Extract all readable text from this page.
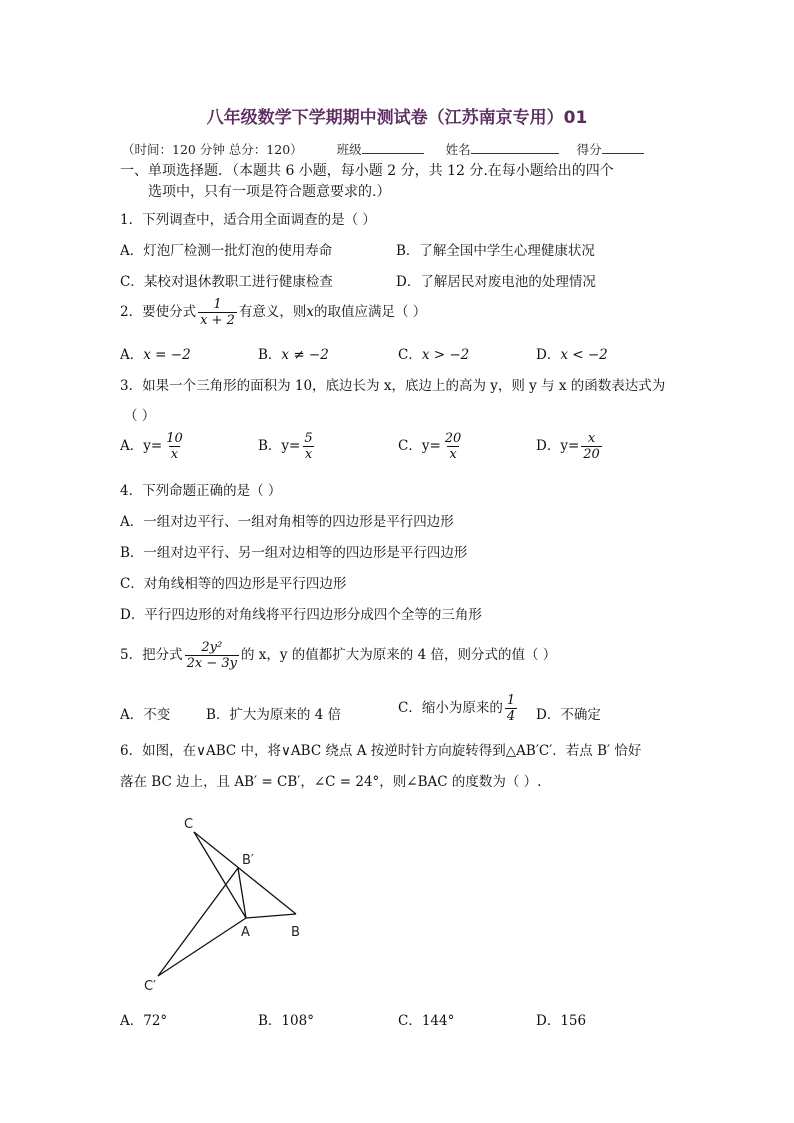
八年级数学下学期期中测试卷（江苏南京专用）01
（时间：120 分钟 总分：120）	班级	姓名	得分
一、单项选择题．（本题共 6 小题，每小题 2 分，共 12 分.在每小题给出的四个
选项中，只有一项是符合题意要求的.）
1．下列调查中，适合用全面调查的是（ ）
A．灯泡厂检测一批灯泡的使用寿命	B．了解全国中学生心理健康状况
C．某校对退休教职工进行健康检查	D．了解居民对废电池的处理情况
2．要使分式 $\frac{1}{x + 2}$ 有意义，则x的取值应满足（ ）
A．x = −2	B．x ≠ −2	C．x > −2	D．x < −2
3．如果一个三角形的面积为 10，底边长为 x，底边上的高为 y，则 y 与 x 的函数表达式为
（ ）
A．$y= \frac{10}{x}$	B．$y= \frac{5}{x}$	C．$y= \frac{20}{x}$	D．$y= \frac{x}{20}$
4．下列命题正确的是（ ）
A．一组对边平行、一组对角相等的四边形是平行四边形
B．一组对边平行、另一组对边相等的四边形是平行四边形
C．对角线相等的四边形是平行四边形
D．平行四边形的对角线将平行四边形分成四个全等的三角形
5．把分式 $\frac{\text{2y²}}{2x - 3y}$ 的 x，y 的值都扩大为原来的 4 倍，则分式的值（ ）
A．不变	B．扩大为原来的 4 倍	C．缩小为原来的 $\frac{1}{4}$ D．不确定
6．如图，在∨ABC 中，将∨ABC 绕点 A 按逆时针方向旋转得到△AB′C′．若点 B′ 恰好
落在 BC 边上，且 AB′ = CB′，∠C = 24°，则∠BAC 的度数为（ ）.
C
B′
A	B
C′
A．72°	B．108°	C．144°	D．156
